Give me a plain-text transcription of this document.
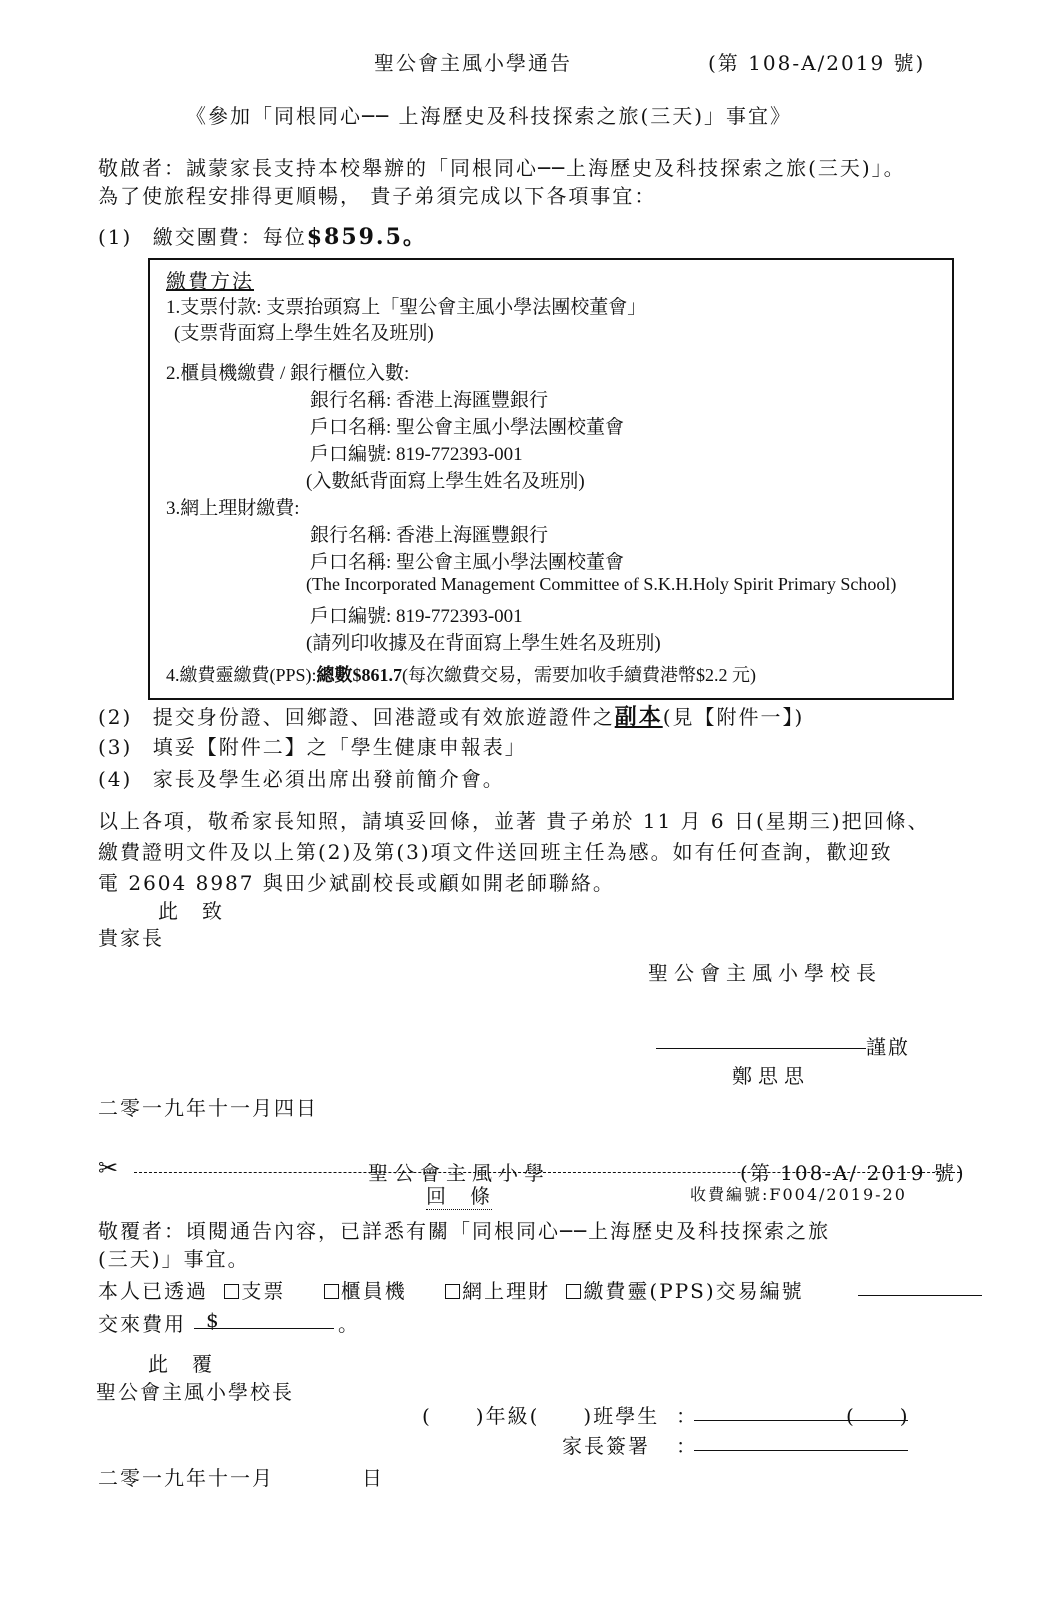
聖公會主風小學通告	(第 108-A/2019 號)
《參加「同根同心── 上海歷史及科技探索之旅(三天)」事宜》
敬啟者：誠蒙家長支持本校舉辦的「同根同心──上海歷史及科技探索之旅(三天)」。
為了使旅程安排得更順暢， 貴子弟須完成以下各項事宜：
(1) 繳交團費：每位$859.5。
繳費方法
1.支票付款: 支票抬頭寫上「聖公會主風小學法團校董會」
(支票背面寫上學生姓名及班別)
2.櫃員機繳費 / 銀行櫃位入數:
銀行名稱: 香港上海匯豐銀行
戶口名稱: 聖公會主風小學法團校董會
戶口編號: 819-772393-001
(入數紙背面寫上學生姓名及班別)
3.網上理財繳費:
銀行名稱: 香港上海匯豐銀行
戶口名稱: 聖公會主風小學法團校董會
(The Incorporated Management Committee of S.K.H.Holy Spirit Primary School)
戶口編號: 819-772393-001
(請列印收據及在背面寫上學生姓名及班別)
4.繳費靈繳費(PPS):總數$861.7(每次繳費交易，需要加收手續費港幣$2.2 元)
(2) 提交身份證、回鄉證、回港證或有效旅遊證件之副本(見【附件一】)
(3) 填妥【附件二】之「學生健康申報表」
(4) 家長及學生必須出席出發前簡介會。
以上各項，敬希家長知照，請填妥回條，並著 貴子弟於 11 月 6 日(星期三)把回條、
繳費證明文件及以上第(2)及第(3)項文件送回班主任為感。如有任何查詢，歡迎致
電 2604 8987 與田少斌副校長或顧如開老師聯絡。
此　致
貴家長
聖公會主風小學校長
謹啟
鄭思思
二零一九年十一月四日
✂	聖公會主風小學	(第 108-A/ 2019 號)
回　條	收費編號:F004/2019-20
敬覆者：頃閱通告內容，已詳悉有關「同根同心──上海歷史及科技探索之旅
(三天)」事宜。
本人已透過 支票	櫃員機	網上理財 繳費靈(PPS)交易編號
交來費用 $	。
此　覆
聖公會主風小學校長
(　　)年級(　　)班學生 ：	(　　)
家長簽署 ：
二零一九年十一月	日
